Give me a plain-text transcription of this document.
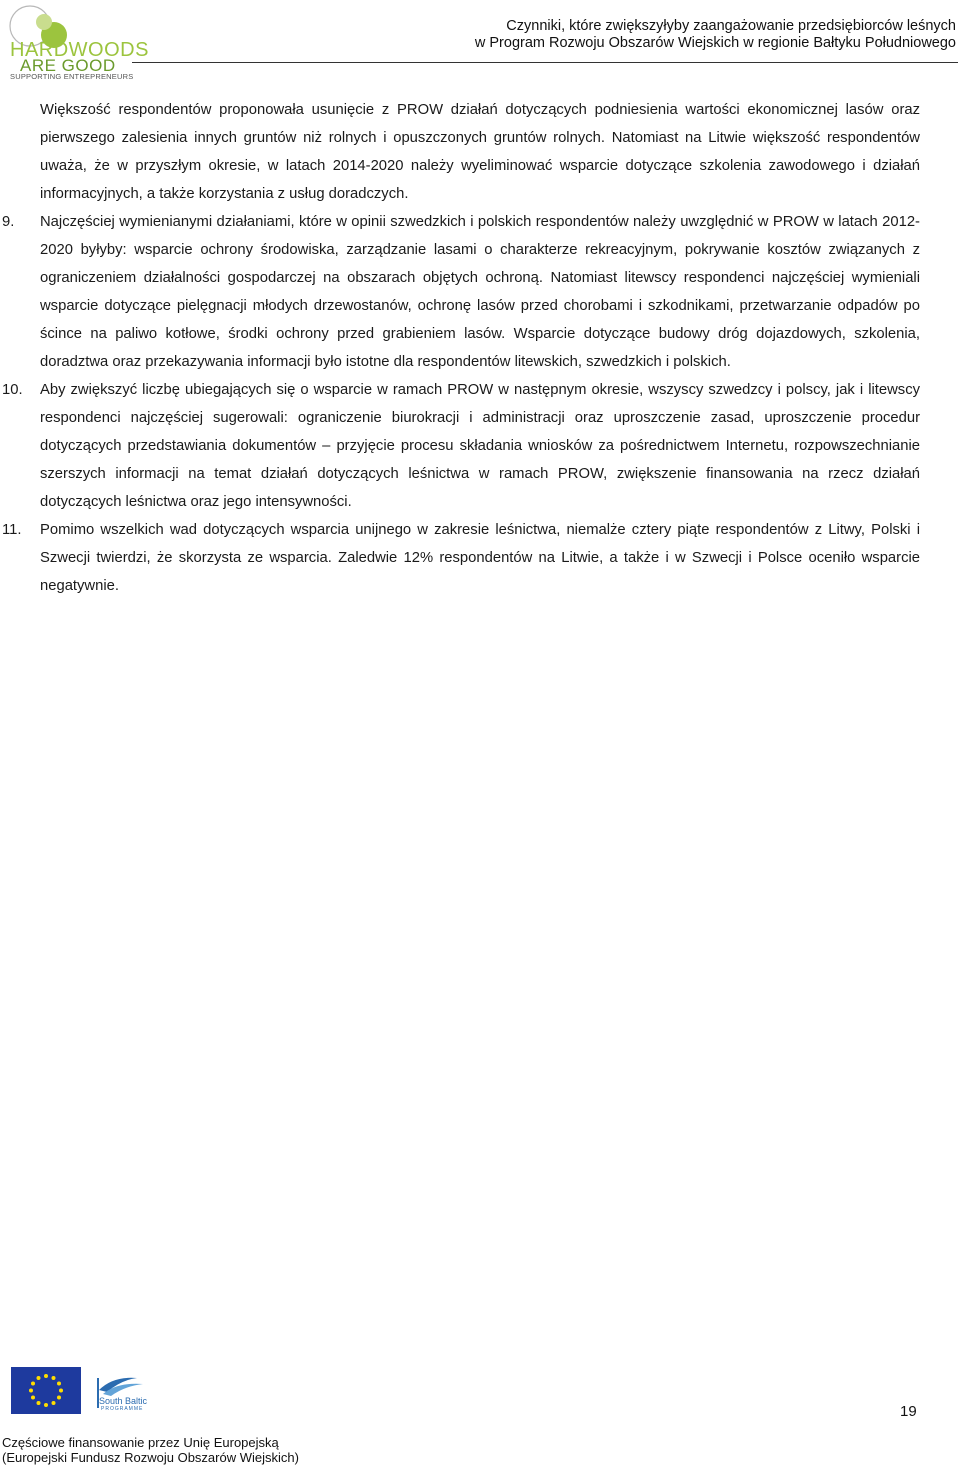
HARDWOODS
ARE GOOD
SUPPORTING ENTREPRENEURS
Czynniki, które zwiększyłyby zaangażowanie przedsiębiorców leśnych
w Program Rozwoju Obszarów Wiejskich w regionie Bałtyku Południowego

Większość respondentów proponowała usunięcie z PROW działań dotyczących podniesienia wartości ekonomicznej lasów oraz pierwszego zalesienia innych gruntów niż rolnych i opuszczonych gruntów rolnych. Natomiast na Litwie większość respondentów uważa, że w przyszłym okresie, w latach 2014-2020 należy wyeliminować wsparcie dotyczące szkolenia zawodowego i działań informacyjnych, a także korzystania z usług doradczych.

9. Najczęściej wymienianymi działaniami, które w opinii szwedzkich i polskich respondentów należy uwzględnić w PROW w latach 2012-2020 byłyby: wsparcie ochrony środowiska, zarządzanie lasami o charakterze rekreacyjnym, pokrywanie kosztów związanych z ograniczeniem działalności gospodarczej na obszarach objętych ochroną. Natomiast litewscy respondenci najczęściej wymieniali wsparcie dotyczące pielęgnacji młodych drzewostanów, ochronę lasów przed chorobami i szkodnikami, przetwarzanie odpadów po ścince na paliwo kotłowe, środki ochrony przed grabieniem lasów. Wsparcie dotyczące budowy dróg dojazdowych, szkolenia, doradztwa oraz przekazywania informacji było istotne dla respondentów litewskich, szwedzkich i polskich.

10. Aby zwiększyć liczbę ubiegających się o wsparcie w ramach PROW w następnym okresie, wszyscy szwedzcy i polscy, jak i litewscy respondenci najczęściej sugerowali: ograniczenie biurokracji i administracji oraz uproszczenie zasad, uproszczenie procedur dotyczących przedstawiania dokumentów – przyjęcie procesu składania wniosków za pośrednictwem Internetu, rozpowszechnianie szerszych informacji na temat działań dotyczących leśnictwa w ramach PROW, zwiększenie finansowania na rzecz działań dotyczących leśnictwa oraz jego intensywności.

11. Pomimo wszelkich wad dotyczących wsparcia unijnego w zakresie leśnictwa, niemalże cztery piąte respondentów z Litwy, Polski i Szwecji twierdzi, że skorzysta ze wsparcia. Zaledwie 12% respondentów na Litwie, a także i w Szwecji i Polsce oceniło wsparcie negatywnie.

South Baltic
PROGRAMME	19
Częściowe finansowanie przez Unię Europejską
(Europejski Fundusz Rozwoju Obszarów Wiejskich)
